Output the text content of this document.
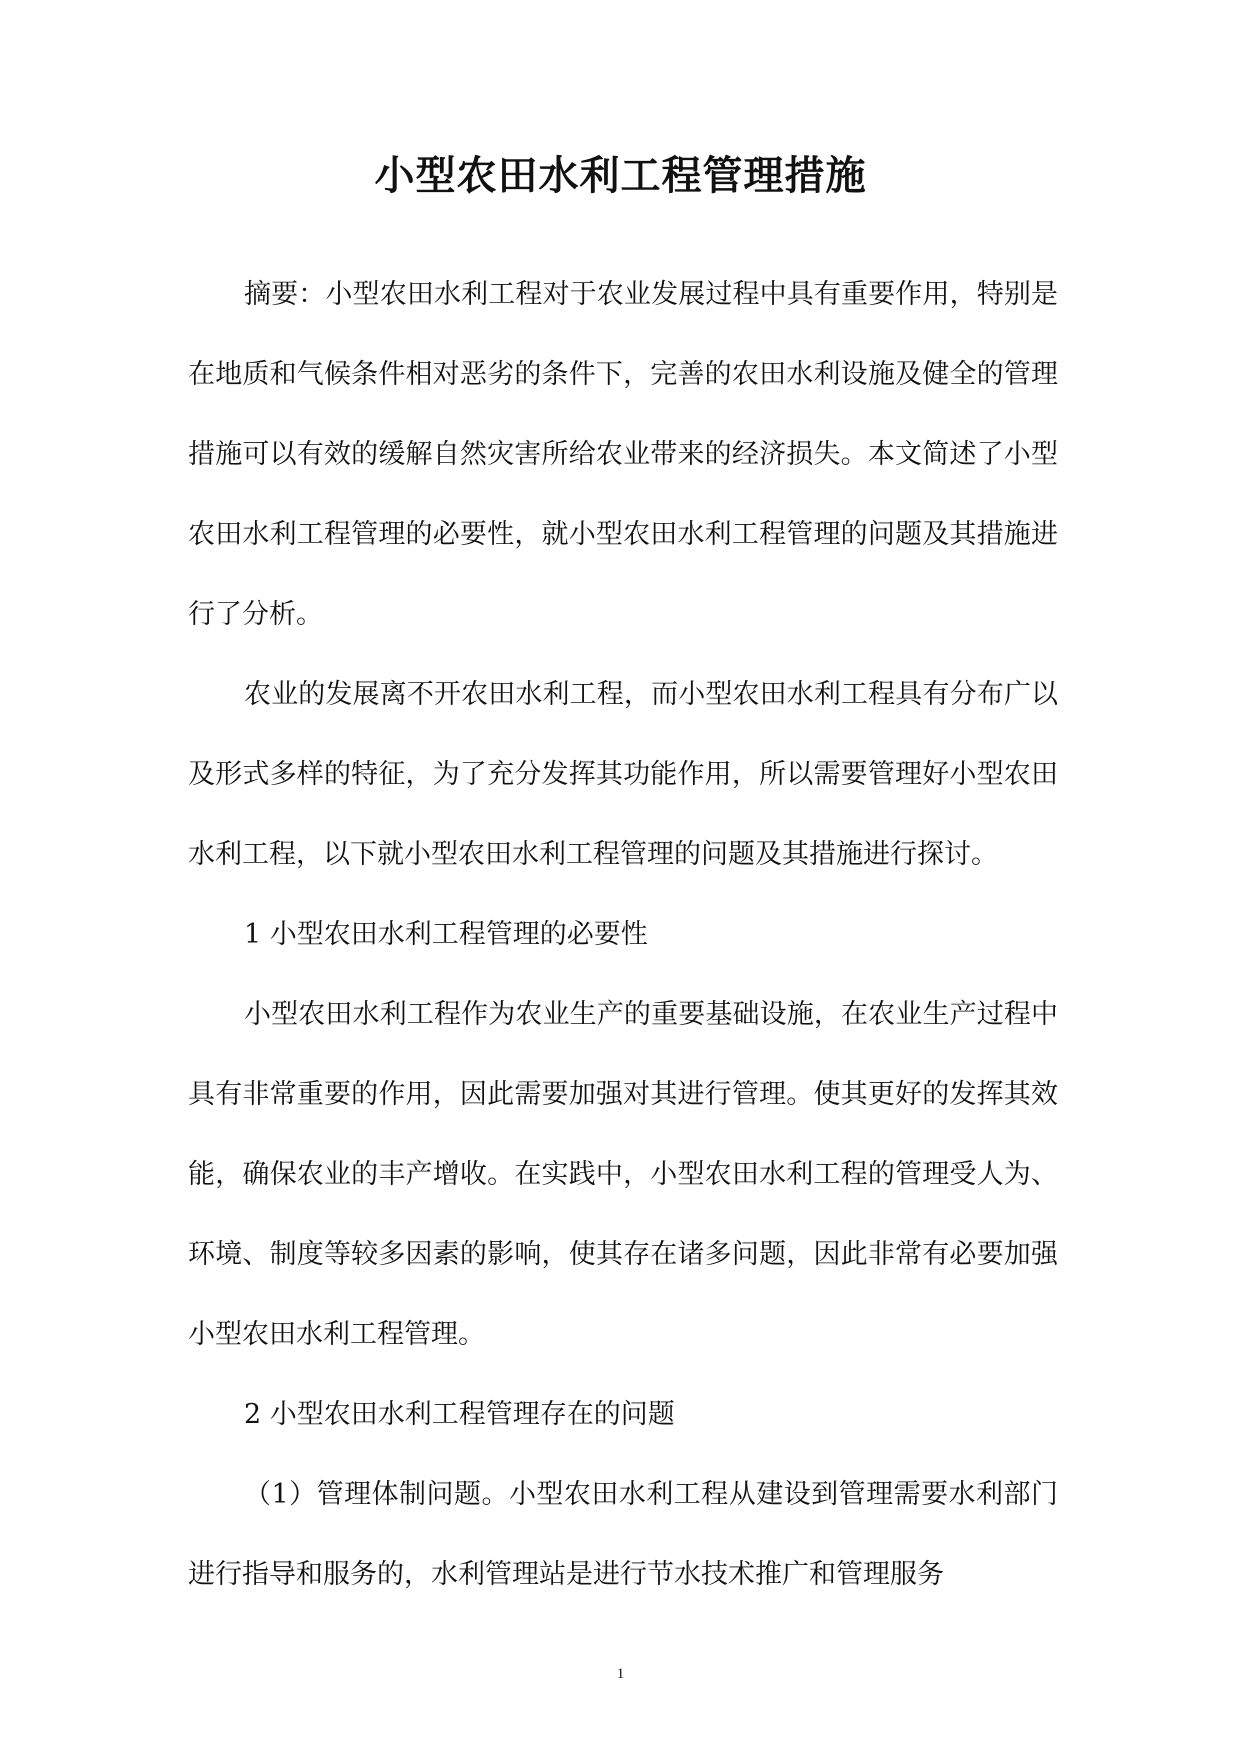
小型农田水利工程管理措施

摘要：小型农田水利工程对于农业发展过程中具有重要作用，特别是在地质和气候条件相对恶劣的条件下，完善的农田水利设施及健全的管理措施可以有效的缓解自然灾害所给农业带来的经济损失。本文简述了小型农田水利工程管理的必要性，就小型农田水利工程管理的问题及其措施进行了分析。

农业的发展离不开农田水利工程，而小型农田水利工程具有分布广以及形式多样的特征，为了充分发挥其功能作用，所以需要管理好小型农田水利工程，以下就小型农田水利工程管理的问题及其措施进行探讨。

1 小型农田水利工程管理的必要性

小型农田水利工程作为农业生产的重要基础设施，在农业生产过程中具有非常重要的作用，因此需要加强对其进行管理。使其更好的发挥其效能，确保农业的丰产增收。在实践中，小型农田水利工程的管理受人为、环境、制度等较多因素的影响，使其存在诸多问题，因此非常有必要加强小型农田水利工程管理。

2 小型农田水利工程管理存在的问题

（1）管理体制问题。小型农田水利工程从建设到管理需要水利部门进行指导和服务的，水利管理站是进行节水技术推广和管理服务

1
